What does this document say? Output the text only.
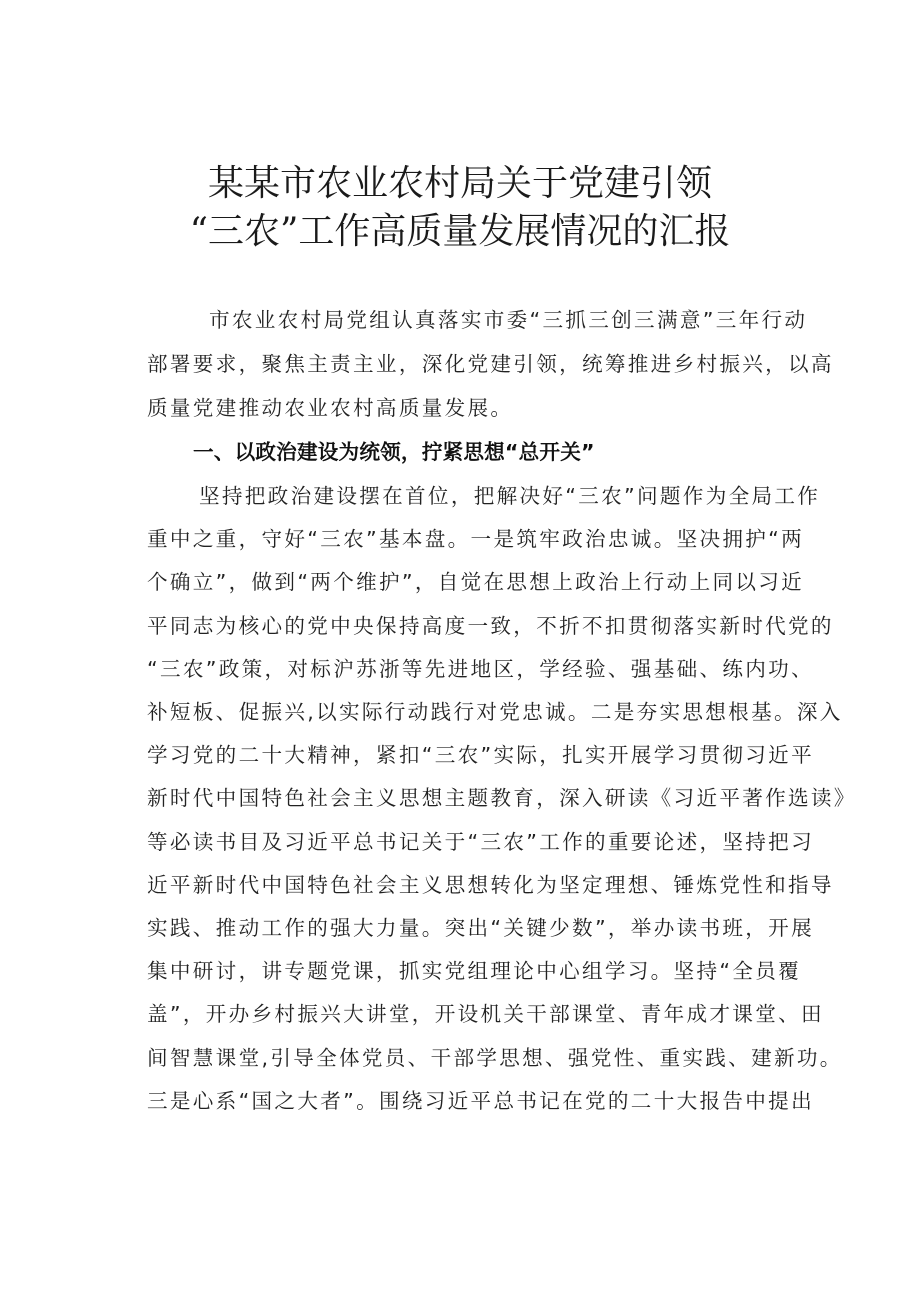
某某市农业农村局关于党建引领
“三农”工作高质量发展情况的汇报
市农业农村局党组认真落实市委“三抓三创三满意”三年行动
部署要求，聚焦主责主业，深化党建引领，统筹推进乡村振兴，以高
质量党建推动农业农村高质量发展。
一、以政治建设为统领，拧紧思想“总开关”
坚持把政治建设摆在首位，把解决好“三农”问题作为全局工作
重中之重，守好“三农”基本盘。一是筑牢政治忠诚。坚决拥护“两
个确立”，做到“两个维护”，自觉在思想上政治上行动上同以习近
平同志为核心的党中央保持高度一致，不折不扣贯彻落实新时代党的
“三农”政策，对标沪苏浙等先进地区，学经验、强基础、练内功、
补短板、促振兴,以实际行动践行对党忠诚。二是夯实思想根基。深入
学习党的二十大精神，紧扣“三农”实际，扎实开展学习贯彻习近平
新时代中国特色社会主义思想主题教育，深入研读《习近平著作选读》
等必读书目及习近平总书记关于“三农”工作的重要论述，坚持把习
近平新时代中国特色社会主义思想转化为坚定理想、锤炼党性和指导
实践、推动工作的强大力量。突出“关键少数”，举办读书班，开展
集中研讨，讲专题党课，抓实党组理论中心组学习。坚持“全员覆
盖”，开办乡村振兴大讲堂，开设机关干部课堂、青年成才课堂、田
间智慧课堂,引导全体党员、干部学思想、强党性、重实践、建新功。
三是心系“国之大者”。围绕习近平总书记在党的二十大报告中提出
